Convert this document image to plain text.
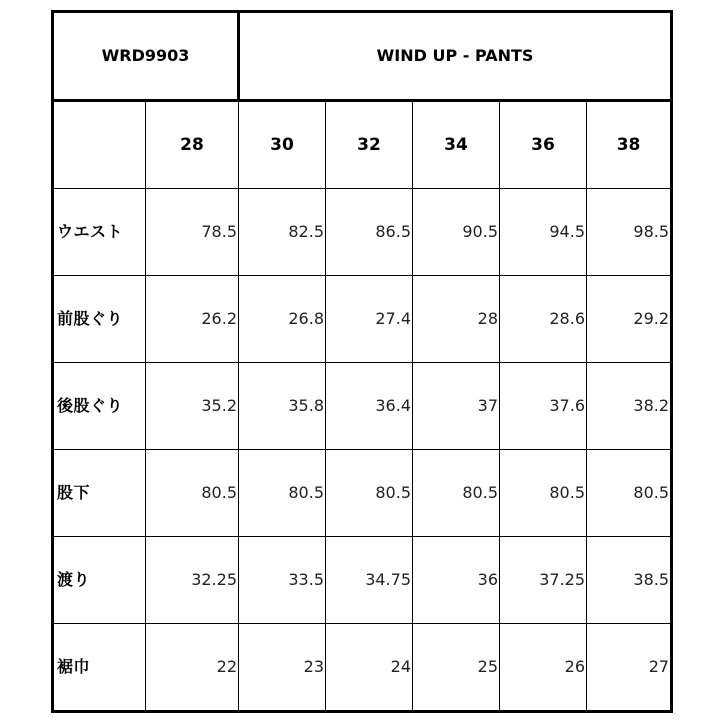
WRD9903		WIND UP - PANTS				
	28	30	32	34	36	38
ウエスト	78.5	82.5	86.5	90.5	94.5	98.5
前股ぐり	26.2	26.8	27.4	28	28.6	29.2
後股ぐり	35.2	35.8	36.4	37	37.6	38.2
股下	80.5	80.5	80.5	80.5	80.5	80.5
渡り	32.25	33.5	34.75	36	37.25	38.5
裾巾	22	23	24	25	26	27
